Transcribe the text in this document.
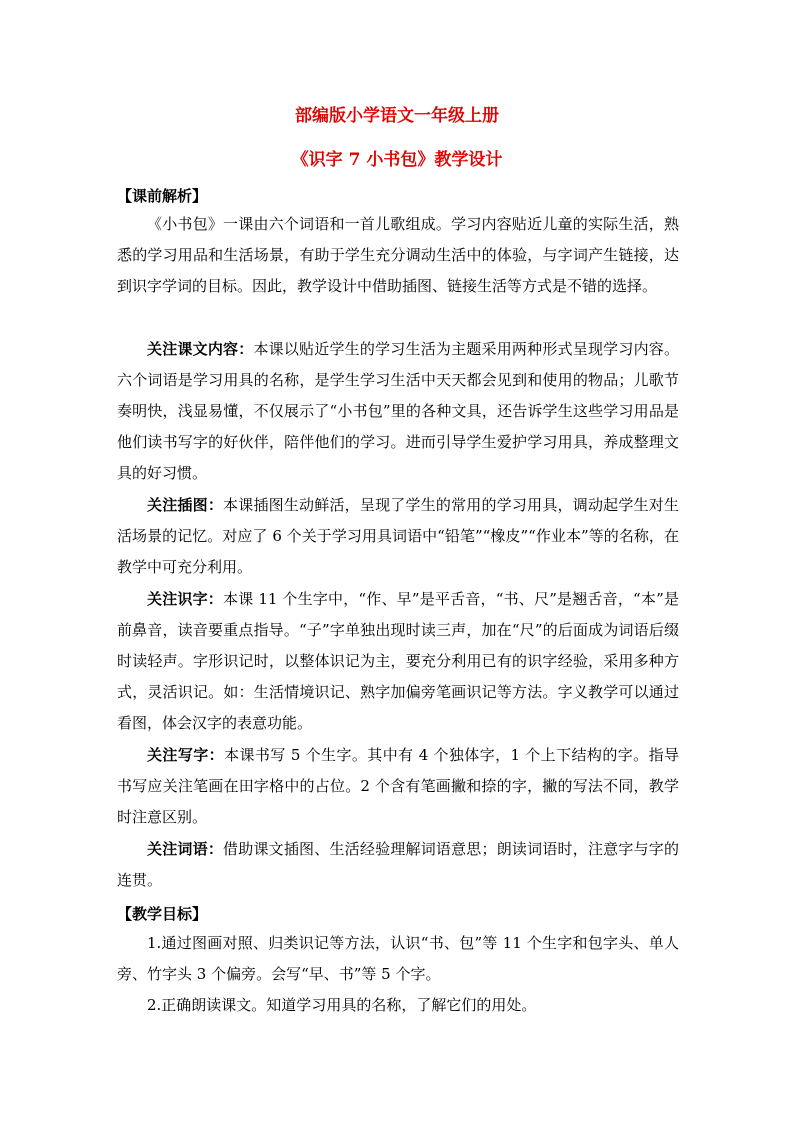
部编版小学语文一年级上册
《识字 7 小书包》教学设计
【课前解析】

《小书包》一课由六个词语和一首儿歌组成。学习内容贴近儿童的实际生活，熟悉的学习用品和生活场景，有助于学生充分调动生活中的体验，与字词产生链接，达到识字学词的目标。因此，教学设计中借助插图、链接生活等方式是不错的选择。

关注课文内容：本课以贴近学生的学习生活为主题采用两种形式呈现学习内容。六个词语是学习用具的名称，是学生学习生活中天天都会见到和使用的物品；儿歌节奏明快，浅显易懂，不仅展示了“小书包”里的各种文具，还告诉学生这些学习用品是他们读书写字的好伙伴，陪伴他们的学习。进而引导学生爱护学习用具，养成整理文具的好习惯。

关注插图：本课插图生动鲜活，呈现了学生的常用的学习用具，调动起学生对生活场景的记忆。对应了 6 个关于学习用具词语中“铅笔”“橡皮”“作业本”等的名称，在教学中可充分利用。

关注识字：本课 11 个生字中，“作、早”是平舌音，“书、尺”是翘舌音，“本”是前鼻音，读音要重点指导。“子”字单独出现时读三声，加在“尺”的后面成为词语后缀时读轻声。字形识记时，以整体识记为主，要充分利用已有的识字经验，采用多种方式，灵活识记。如：生活情境识记、熟字加偏旁笔画识记等方法。字义教学可以通过看图，体会汉字的表意功能。

关注写字：本课书写 5 个生字。其中有 4 个独体字，1 个上下结构的字。指导书写应关注笔画在田字格中的占位。2 个含有笔画撇和捺的字，撇的写法不同，教学时注意区别。

关注词语：借助课文插图、生活经验理解词语意思；朗读词语时，注意字与字的连贯。

【教学目标】

1.通过图画对照、归类识记等方法，认识“书、包”等 11 个生字和包字头、单人旁、竹字头 3 个偏旁。会写“早、书”等 5 个字。

2.正确朗读课文。知道学习用具的名称，了解它们的用处。
